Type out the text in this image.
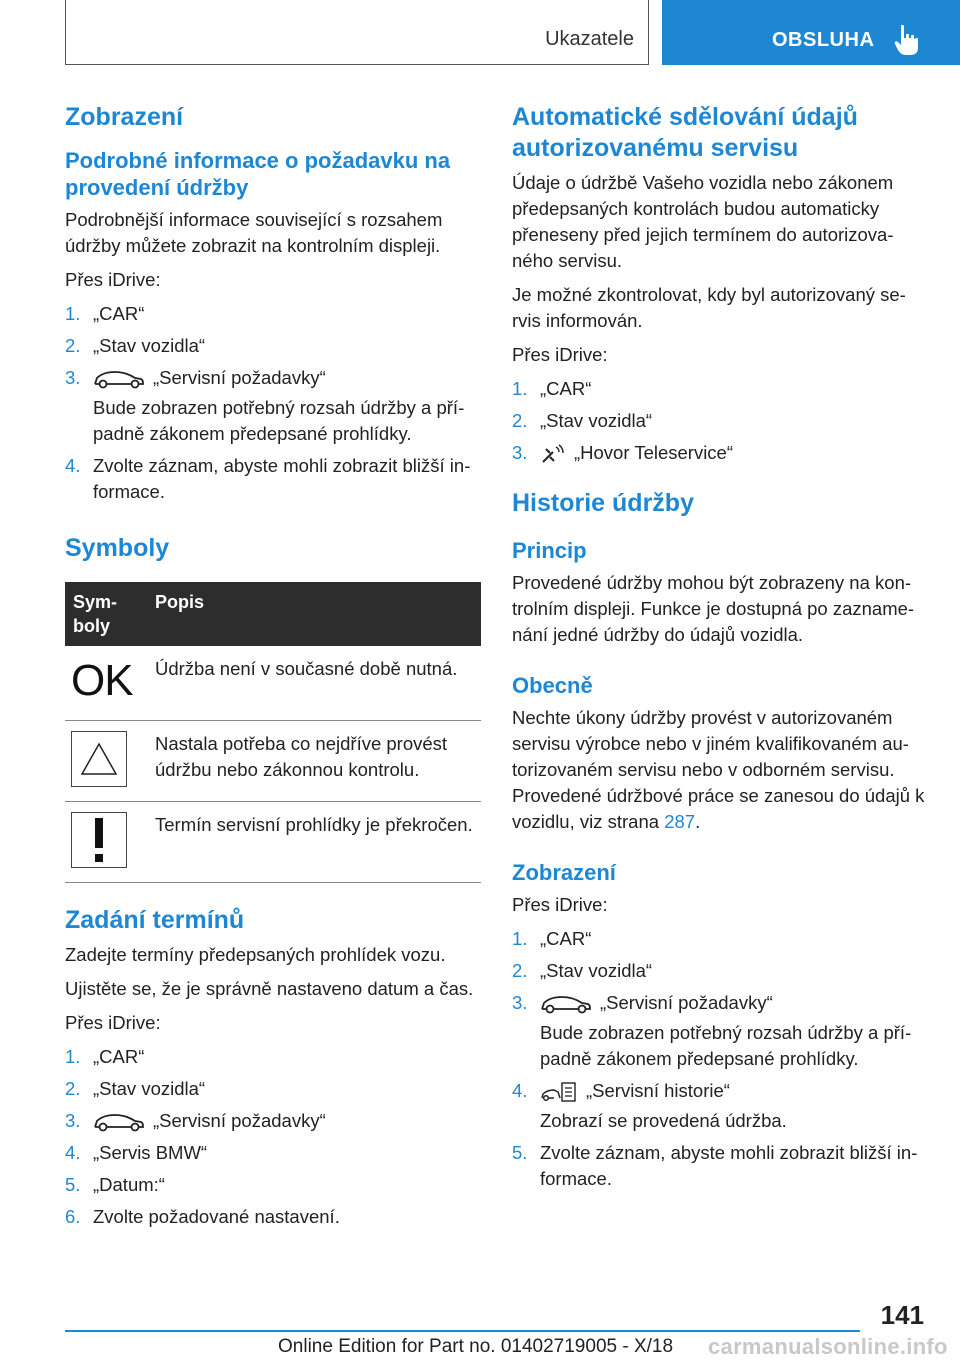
Ukazatele	OBSLUHA
Zobrazení
Podrobné informace o požadavku na provedení údržby
Podrobnější informace související s rozsahem údržby můžete zobrazit na kontrolním displeji.
Přes iDrive:
1. „CAR“
2. „Stav vozidla“
3.	„Servisní požadavky“
Bude zobrazen potřebný rozsah údržby a případně zákonem předepsané prohlídky.
4. Zvolte záznam, abyste mohli zobrazit bližší informace.
Symboly
Symboly	Popis
OK	Údržba není v současné době nutná.

	Nastala potřeba co nejdříve provést údržbu nebo zákonnou kontrolu.

	Termín servisní prohlídky je překročen.
Zadání termínů
Zadejte termíny předepsaných prohlídek vozu.
Ujistěte se, že je správně nastaveno datum a čas.
Přes iDrive:
1. „CAR“
2. „Stav vozidla“
3.	„Servisní požadavky“
4. „Servis BMW“
5. „Datum:“
6. Zvolte požadované nastavení.
Automatické sdělování údajů autorizovanému servisu
Údaje o údržbě Vašeho vozidla nebo zákonem předepsaných kontrolách budou automaticky přeneseny před jejich termínem do autorizovaného servisu.
Je možné zkontrolovat, kdy byl autorizovaný servis informován.
Přes iDrive:
1. „CAR“
2. „Stav vozidla“
3.	„Hovor Teleservice“
Historie údržby
Princip
Provedené údržby mohou být zobrazeny na kontrolním displeji. Funkce je dostupná po zaznamenání jedné údržby do údajů vozidla.
Obecně
Nechte úkony údržby provést v autorizovaném servisu výrobce nebo v jiném kvalifikovaném autorizovaném servisu nebo v odborném servisu. Provedené údržbové práce se zanesou do údajů k vozidlu, viz strana 287.
Zobrazení
Přes iDrive:
1. „CAR“
2. „Stav vozidla“
3.	„Servisní požadavky“
Bude zobrazen potřebný rozsah údržby a případně zákonem předepsané prohlídky.
4.	„Servisní historie“
Zobrazí se provedená údržba.
5. Zvolte záznam, abyste mohli zobrazit bližší informace.
141
Online Edition for Part no. 01402719005 - X/18 carmanualsonline.info
